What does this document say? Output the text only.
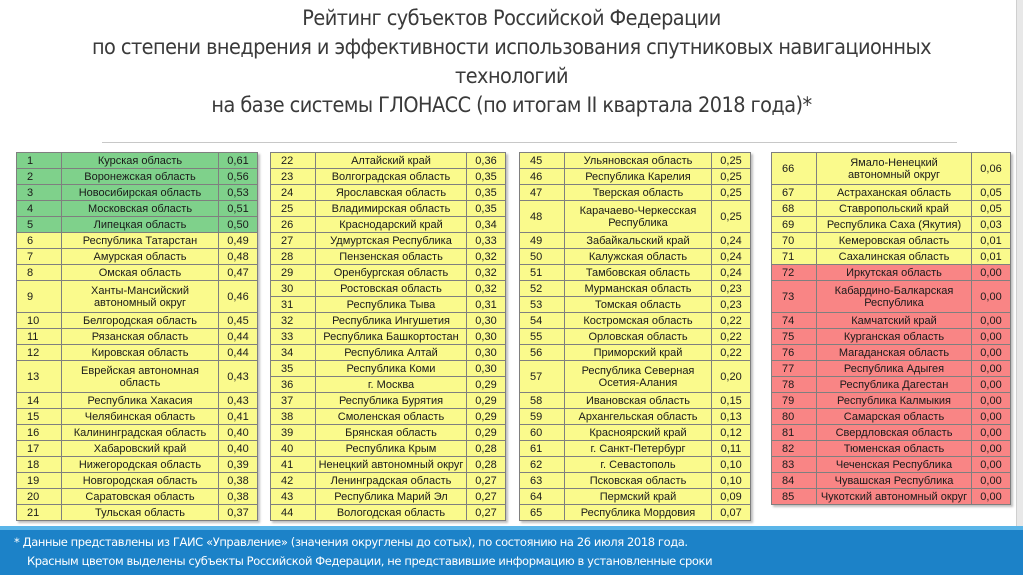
Рейтинг субъектов Российской Федерации
по степени внедрения и эффективности использования спутниковых навигационных
технологий
на базе системы ГЛОНАСС (по итогам II квартала 2018 года)*
1	Курская область	0,61
2	Воронежская область	0,56
3	Новосибирская область	0,53
4	Московская область	0,51
5	Липецкая область	0,50
6	Республика Татарстан	0,49
7	Амурская область	0,48
8	Омская область	0,47
9	Ханты-Мансийский автономный округ	0,46
10	Белгородская область	0,45
11	Рязанская область	0,44
12	Кировская область	0,44
13	Еврейская автономная область	0,43
14	Республика Хакасия	0,43
15	Челябинская область	0,41
16	Калининградская область	0,40
17	Хабаровский край	0,40
18	Нижегородская область	0,39
19	Новгородская область	0,38
20	Саратовская область	0,38
21	Тульская область	0,37
22	Алтайский край	0,36
23	Волгоградская область	0,35
24	Ярославская область	0,35
25	Владимирская область	0,35
26	Краснодарский край	0,34
27	Удмуртская Республика	0,33
28	Пензенская область	0,32
29	Оренбургская область	0,32
30	Ростовская область	0,32
31	Республика Тыва	0,31
32	Республика Ингушетия	0,30
33	Республика Башкортостан	0,30
34	Республика Алтай	0,30
35	Республика Коми	0,30
36	г. Москва	0,29
37	Республика Бурятия	0,29
38	Смоленская область	0,29
39	Брянская область	0,29
40	Республика Крым	0,28
41	Ненецкий автономный округ	0,28
42	Ленинградская область	0,27
43	Республика Марий Эл	0,27
44	Вологодская область	0,27
45	Ульяновская область	0,25
46	Республика Карелия	0,25
47	Тверская область	0,25
48	Карачаево-Черкесская Республика	0,25
49	Забайкальский край	0,24
50	Калужская область	0,24
51	Тамбовская область	0,24
52	Мурманская область	0,23
53	Томская область	0,23
54	Костромская область	0,22
55	Орловская область	0,22
56	Приморский край	0,22
57	Республика Северная Осетия-Алания	0,20
58	Ивановская область	0,15
59	Архангельская область	0,13
60	Красноярский край	0,12
61	г. Санкт-Петербург	0,11
62	г. Севастополь	0,10
63	Псковская область	0,10
64	Пермский край	0,09
65	Республика Мордовия	0,07
66	Ямало-Ненецкий автономный округ	0,06
67	Астраханская область	0,05
68	Ставропольский край	0,05
69	Республика Саха (Якутия)	0,03
70	Кемеровская область	0,01
71	Сахалинская область	0,01
72	Иркутская область	0,00
73	Кабардино-Балкарская Республика	0,00
74	Камчатский край	0,00
75	Курганская область	0,00
76	Магаданская область	0,00
77	Республика Адыгея	0,00
78	Республика Дагестан	0,00
79	Республика Калмыкия	0,00
80	Самарская область	0,00
81	Свердловская область	0,00
82	Тюменская область	0,00
83	Чеченская Республика	0,00
84	Чувашская Республика	0,00
85	Чукотский автономный округ	0,00
* Данные представлены из ГАИС «Управление» (значения округлены до сотых), по состоянию на 26 июля 2018 года.
Красным цветом выделены субъекты Российской Федерации, не представившие информацию в установленные сроки
